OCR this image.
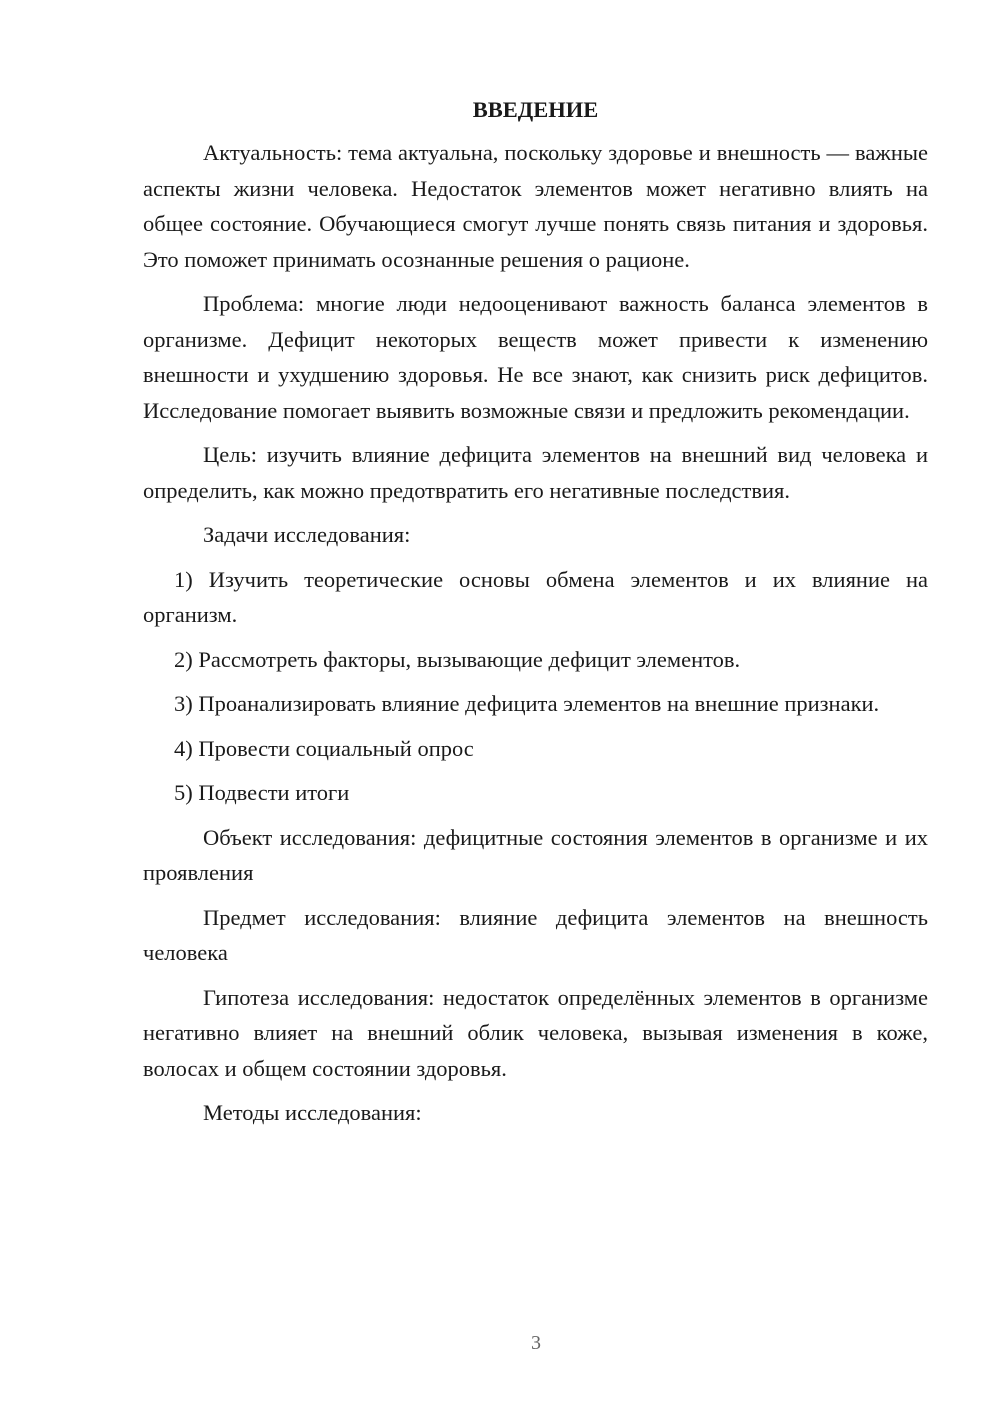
ВВЕДЕНИЕ

Актуальность: тема актуальна, поскольку здоровье и внешность — важные аспекты жизни человека. Недостаток элементов может негативно влиять на общее состояние. Обучающиеся смогут лучше понять связь питания и здоровья. Это поможет принимать осознанные решения о рационе.

Проблема: многие люди недооценивают важность баланса элементов в организме. Дефицит некоторых веществ может привести к изменению внешности и ухудшению здоровья. Не все знают, как снизить риск дефицитов. Исследование помогает выявить возможные связи и предложить рекомендации.

Цель: изучить влияние дефицита элементов на внешний вид человека и определить, как можно предотвратить его негативные последствия.

Задачи исследования:

1) Изучить теоретические основы обмена элементов и их влияние на организм.

2) Рассмотреть факторы, вызывающие дефицит элементов.

3) Проанализировать влияние дефицита элементов на внешние признаки.

4) Провести социальный опрос

5) Подвести итоги

Объект исследования: дефицитные состояния элементов в организме и их проявления

Предмет исследования: влияние дефицита элементов на внешность человека

Гипотеза исследования: недостаток определённых элементов в организме негативно влияет на внешний облик человека, вызывая изменения в коже, волосах и общем состоянии здоровья.

Методы исследования:

3
